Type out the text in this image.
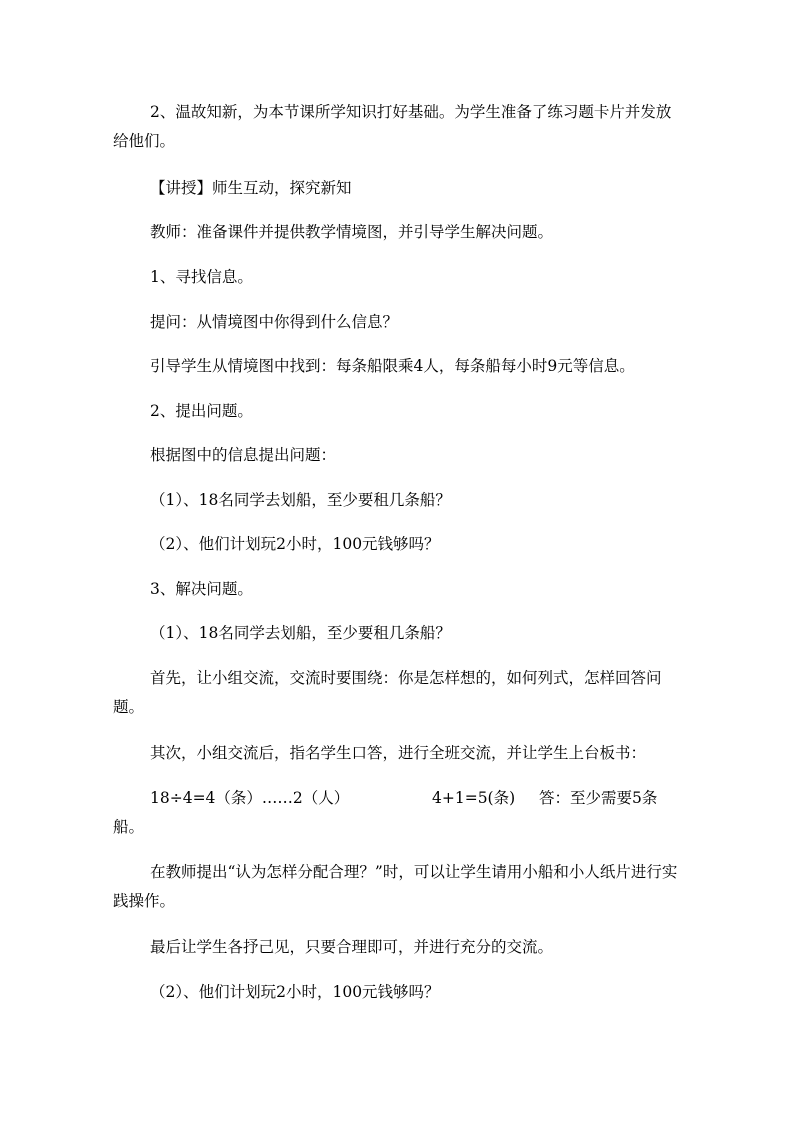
2、温故知新，为本节课所学知识打好基础。为学生准备了练习题卡片并发放给他们。

【讲授】师生互动，探究新知

教师：准备课件并提供教学情境图，并引导学生解决问题。

1、寻找信息。

提问：从情境图中你得到什么信息？

引导学生从情境图中找到：每条船限乘4人，每条船每小时9元等信息。

2、提出问题。

根据图中的信息提出问题：

（1）、18名同学去划船，至少要租几条船？

（2）、他们计划玩2小时，100元钱够吗？

3、解决问题。

（1）、18名同学去划船，至少要租几条船？

首先，让小组交流，交流时要围绕：你是怎样想的，如何列式，怎样回答问题。

其次，小组交流后，指名学生口答，进行全班交流，并让学生上台板书：

18÷4=4（条）……2（人）	4+1=5(条) 答：至少需要5条
船。

在教师提出“认为怎样分配合理？”时，可以让学生请用小船和小人纸片进行实践操作。

最后让学生各抒己见，只要合理即可，并进行充分的交流。

（2）、他们计划玩2小时，100元钱够吗？
